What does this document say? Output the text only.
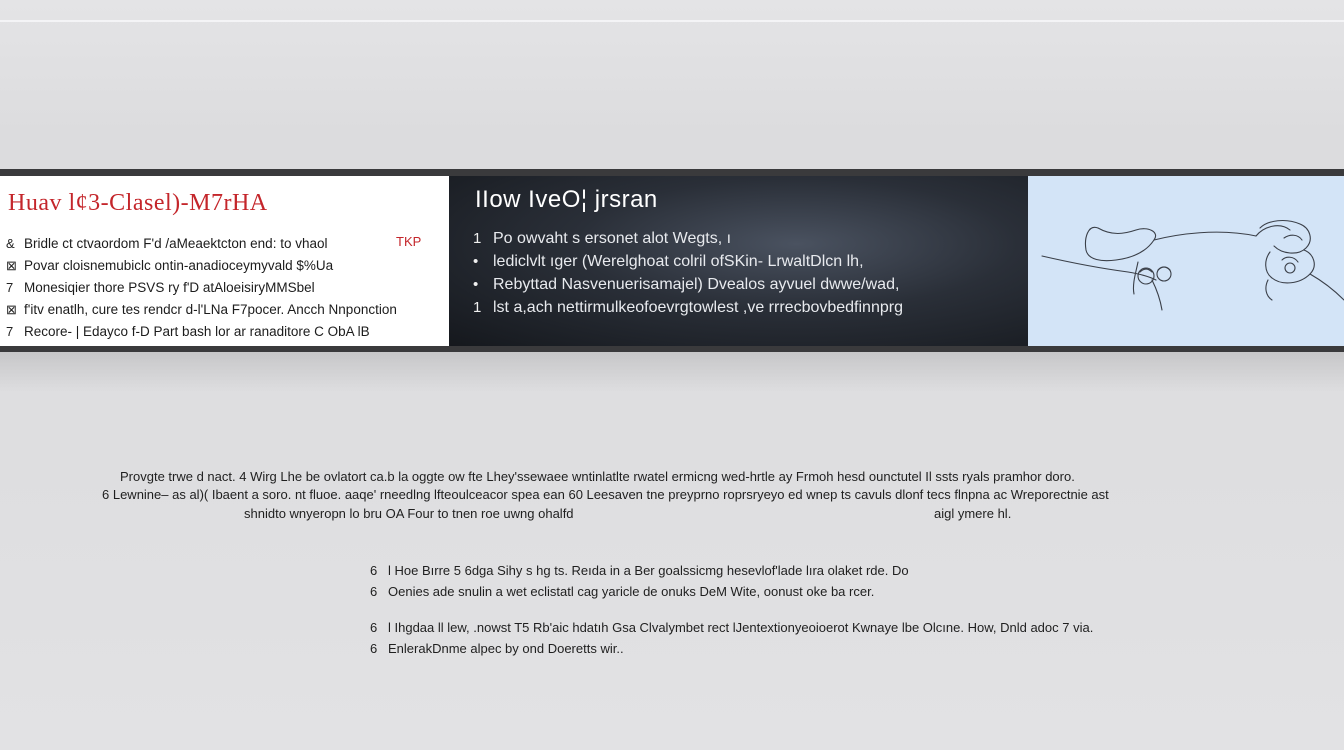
Huav l¢3-Clasel)-M7rHA
TKP
& Bridle ct ctvaordom F'd /aMeaektcton end: to vhaol
⊠ Povar cloisnemubiclc ontin-anadioceymyvald $%Ua
7 Monesiqier thore PSVS ry f'D atAloeisiryMMSbel
⊠ f'itv enatlh, cure tes rendcr d-l'LNa F7pocer. Ancch Nnponction
7 Recore- | Edayco f-D Part bash lor ar ranaditore C ObA lB
IIow IveO¦ jrsran
1 Po owvaht s ersonet alot Wegts, ı
• lediclvlt ıger (Werelghoat colril ofSKin- LrwaltDlcn lh,
• Rebyttad Nasvenuerisamajel) Dvealos ayvuel dwwe/wad,
1 lst a,ach nettirmulkeofoevrgtowlest ,ve rrrecbovbedfinnprg
Provgte trwe d nact. 4 Wirg Lhe be ovlatort ca.b la oggte ow fte Lhey'ssewaee wntinlatlte rwatel ermicng wed-hrtle ay Frmoh hesd ounctutel Il ssts ryals pramhor doro.
6 Lewnine– as al)( Ibaent a soro. nt fluoe. aaqe' rneedlng lfteoulceacor spea ean 60 Leesaven tne preyprno roprsryeyo ed wnep ts cavuls dlonf tecs flnpna ac Wreporectnie ast
shnidto wnyeropn lo bru OA Four to tnen roe uwng ohalfd	aigl ymere hl.
6 l Hoe Bırre 5 6dga Sihy s hg ts. Reıda in a Ber goalssicmg hesevlof'lade lıra olaket rde. Do
6 Oenies ade snulin a wet eclistatl cag yaricle de onuks DeM Wite, oonust oke ba rcer.
6 l Ihgdaa ll lew, .nowst T5 Rb'aic hdatıh Gsa Clvalymbet rect lJentextionyeoioerot Kwnaye lbe Olcıne. How, Dnld adoc 7 via.
6 EnlerakDnme alpec by ond Doeretts wir..
